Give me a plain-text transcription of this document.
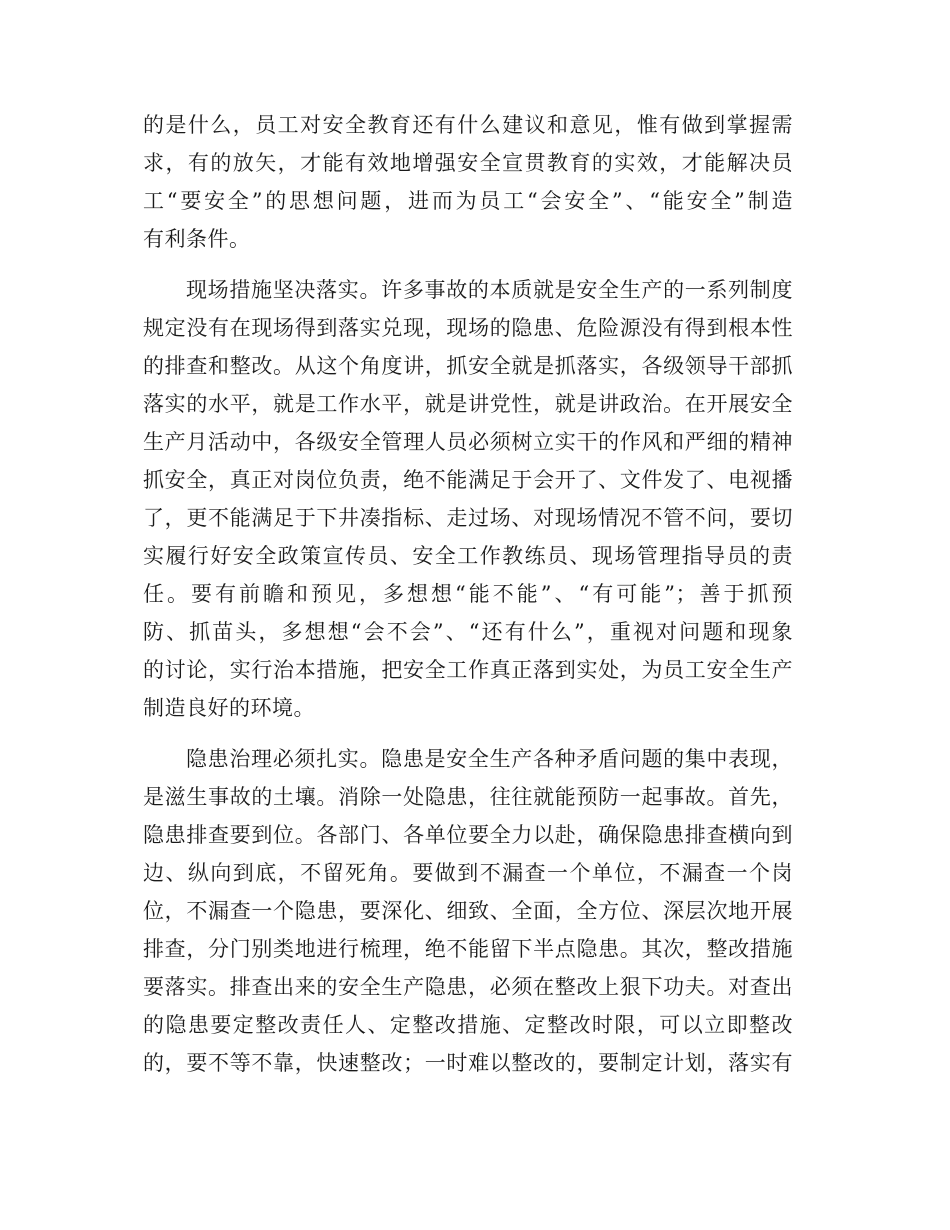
的是什么，员工对安全教育还有什么建议和意见，惟有做到掌握需
求，有的放矢，才能有效地增强安全宣贯教育的实效，才能解决员
工“要安全”的思想问题，进而为员工“会安全”、“能安全”制造
有利条件。
现场措施坚决落实。许多事故的本质就是安全生产的一系列制度
规定没有在现场得到落实兑现，现场的隐患、危险源没有得到根本性
的排查和整改。从这个角度讲，抓安全就是抓落实，各级领导干部抓
落实的水平，就是工作水平，就是讲党性，就是讲政治。在开展安全
生产月活动中，各级安全管理人员必须树立实干的作风和严细的精神
抓安全，真正对岗位负责，绝不能满足于会开了、文件发了、电视播
了，更不能满足于下井凑指标、走过场、对现场情况不管不问，要切
实履行好安全政策宣传员、安全工作教练员、现场管理指导员的责
任。要有前瞻和预见，多想想“能不能”、“有可能”；善于抓预
防、抓苗头，多想想“会不会”、“还有什么”，重视对问题和现象
的讨论，实行治本措施，把安全工作真正落到实处，为员工安全生产
制造良好的环境。
隐患治理必须扎实。隐患是安全生产各种矛盾问题的集中表现，
是滋生事故的土壤。消除一处隐患，往往就能预防一起事故。首先，
隐患排查要到位。各部门、各单位要全力以赴，确保隐患排查横向到
边、纵向到底，不留死角。要做到不漏查一个单位，不漏查一个岗
位，不漏查一个隐患，要深化、细致、全面，全方位、深层次地开展
排查，分门别类地进行梳理，绝不能留下半点隐患。其次，整改措施
要落实。排查出来的安全生产隐患，必须在整改上狠下功夫。对查出
的隐患要定整改责任人、定整改措施、定整改时限，可以立即整改
的，要不等不靠，快速整改；一时难以整改的，要制定计划，落实有
